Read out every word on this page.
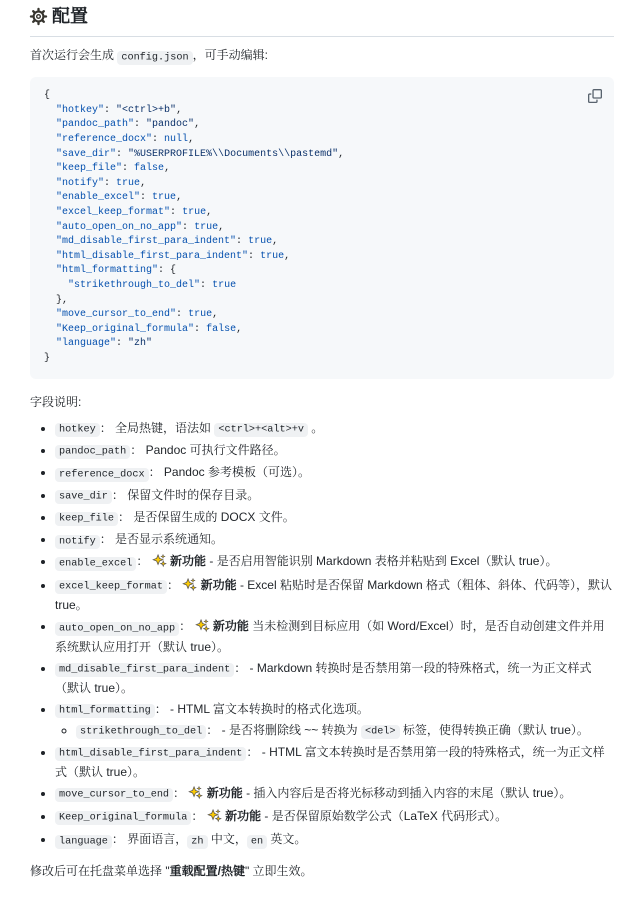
配置

首次运行会生成 config.json ，可手动编辑:

{
"hotkey": "<ctrl>+b",
"pandoc_path": "pandoc",
"reference_docx": null,
"save_dir": "%USERPROFILE%\\Documents\\pastemd",
"keep_file": false,
"notify": true,
"enable_excel": true,
"excel_keep_format": true,
"auto_open_on_no_app": true,
"md_disable_first_para_indent": true,
"html_disable_first_para_indent": true,
"html_formatting": {
"strikethrough_to_del": true
},
"move_cursor_to_end": true,
"Keep_original_formula": false,
"language": "zh"
}

字段说明:

• hotkey ： 全局热键，语法如 <ctrl>+<alt>+v 。
• pandoc_path ： Pandoc 可执行文件路径。
• reference_docx ： Pandoc 参考模板（可选）。
• save_dir ： 保留文件时的保存目录。
• keep_file ： 是否保留生成的 DOCX 文件。
• notify ： 是否显示系统通知。
• enable_excel ：  新功能 - 是否启用智能识别 Markdown 表格并粘贴到 Excel（默认 true）。
• excel_keep_format ：  新功能 - Excel 粘贴时是否保留 Markdown 格式（粗体、斜体、代码等），默认 true。
• auto_open_on_no_app ：  新功能 当未检测到目标应用（如 Word/Excel）时，是否自动创建文件并用系统默认应用打开（默认 true）。
• md_disable_first_para_indent ： - Markdown 转换时是否禁用第一段的特殊格式，统一为正文样式（默认 true）。
• html_formatting ： - HTML 富文本转换时的格式化选项。
◦ strikethrough_to_del ： - 是否将删除线 ~~ 转换为 <del> 标签，使得转换正确（默认 true）。
• html_disable_first_para_indent ： - HTML 富文本转换时是否禁用第一段的特殊格式，统一为正文样式（默认 true）。
• move_cursor_to_end ：  新功能 - 插入内容后是否将光标移动到插入内容的末尾（默认 true）。
• Keep_original_formula ：  新功能 - 是否保留原始数学公式（LaTeX 代码形式）。
• language ： 界面语言， zh 中文， en 英文。

修改后可在托盘菜单选择 "重载配置/热键" 立即生效。
